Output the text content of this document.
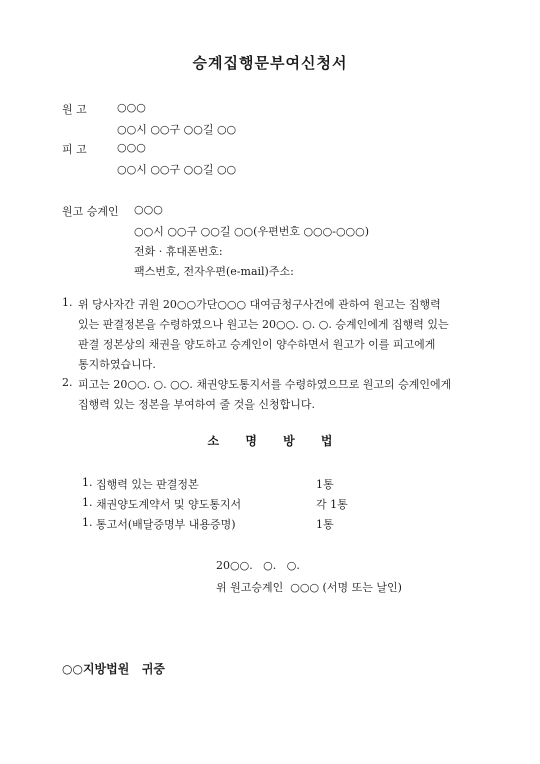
승계집행문부여신청서
원 고	○○○
○○시 ○○구 ○○길 ○○
피 고	○○○
○○시 ○○구 ○○길 ○○
원고 승계인 ○○○
○○시 ○○구 ○○길 ○○(우편번호 ○○○-○○○)
전화 · 휴대폰번호:
팩스번호, 전자우편(e-mail)주소:
1. 위 당사자간 귀원 20○○가단○○○ 대여금청구사건에 관하여 원고는 집행력
있는 판결정본을 수령하였으나 원고는 20○○. ○. ○. 승계인에게 집행력 있는
판결 정본상의 채권을 양도하고 승계인이 양수하면서 원고가 이를 피고에게
통지하였습니다.
2. 피고는 20○○. ○. ○○. 채권양도통지서를 수령하였으므로 원고의 승계인에게
집행력 있는 정본을 부여하여 줄 것을 신청합니다.
소 명 방 법
1. 집행력 있는 판결정본	1통
1. 채권양도계약서 및 양도통지서	각 1통
1. 통고서(배달증명부 내용증명)	1통
20○○.   ○.   ○.
위 원고승계인  ○○○ (서명 또는 날인)
○○지방법원   귀중
